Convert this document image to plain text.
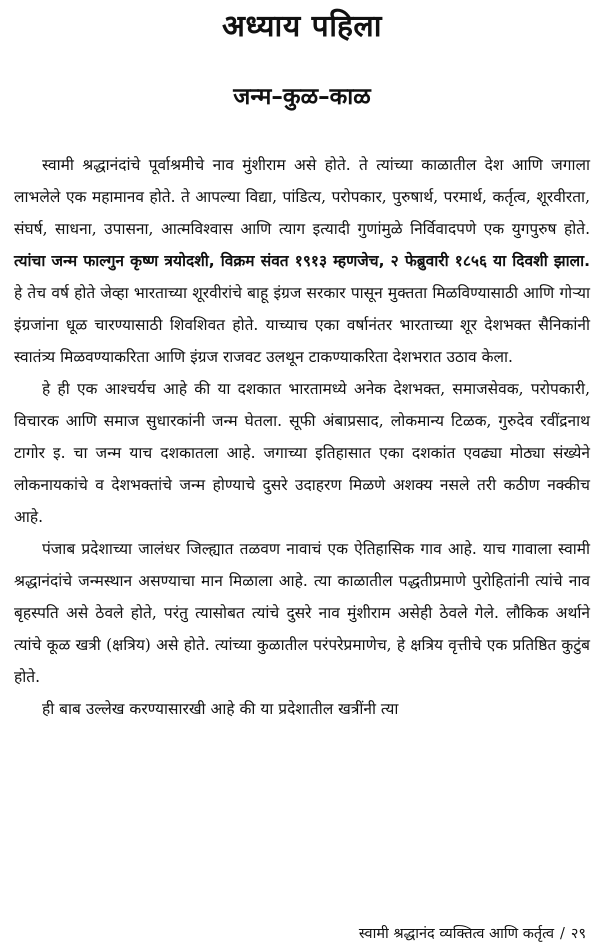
अध्याय पहिला
जन्म–कुळ–काळ

स्वामी श्रद्धानंदांचे पूर्वाश्रमीचे नाव मुंशीराम असे होते. ते त्यांच्या काळातील देश आणि जगाला लाभलेले एक महामानव होते. ते आपल्या विद्या, पांडित्य, परोपकार, पुरुषार्थ, परमार्थ, कर्तृत्व, शूरवीरता, संघर्ष, साधना, उपासना, आत्मविश्वास आणि त्याग इत्यादी गुणांमुळे निर्विवादपणे एक युगपुरुष होते. त्यांचा जन्म फाल्गुन कृष्ण त्रयोदशी, विक्रम संवत १९१३ म्हणजेच, २ फेब्रुवारी १८५६ या दिवशी झाला. हे तेच वर्ष होते जेव्हा भारताच्या शूरवीरांचे बाहू इंग्रज सरकार पासून मुक्तता मिळविण्यासाठी आणि गोऱ्या इंग्रजांना धूळ चारण्यासाठी शिवशिवत होते. याच्याच एका वर्षानंतर भारताच्या शूर देशभक्त सैनिकांनी स्वातंत्र्य मिळवण्याकरिता आणि इंग्रज राजवट उलथून टाकण्याकरिता देशभरात उठाव केला.

हे ही एक आश्चर्यच आहे की या दशकात भारतामध्ये अनेक देशभक्त, समाजसेवक, परोपकारी, विचारक आणि समाज सुधारकांनी जन्म घेतला. सूफी अंबाप्रसाद, लोकमान्य टिळक, गुरुदेव रवींद्रनाथ टागोर इ. चा जन्म याच दशकातला आहे. जगाच्या इतिहासात एका दशकांत एवढ्या मोठ्या संख्येने लोकनायकांचे व देशभक्तांचे जन्म होण्याचे दुसरे उदाहरण मिळणे अशक्य नसले तरी कठीण नक्कीच आहे.

पंजाब प्रदेशाच्या जालंधर जिल्ह्यात तळवण नावाचं एक ऐतिहासिक गाव आहे. याच गावाला स्वामी श्रद्धानंदांचे जन्मस्थान असण्याचा मान मिळाला आहे. त्या काळातील पद्धतीप्रमाणे पुरोहितांनी त्यांचे नाव बृहस्पति असे ठेवले होते, परंतु त्यासोबत त्यांचे दुसरे नाव मुंशीराम असेही ठेवले गेले. लौकिक अर्थाने त्यांचे कूळ खत्री (क्षत्रिय) असे होते. त्यांच्या कुळातील परंपरेप्रमाणेच, हे क्षत्रिय वृत्तीचे एक प्रतिष्ठित कुटुंब होते.

ही बाब उल्लेख करण्यासारखी आहे की या प्रदेशातील खत्रींनी त्या

स्वामी श्रद्धानंद व्यक्तित्व आणि कर्तृत्व / २९
